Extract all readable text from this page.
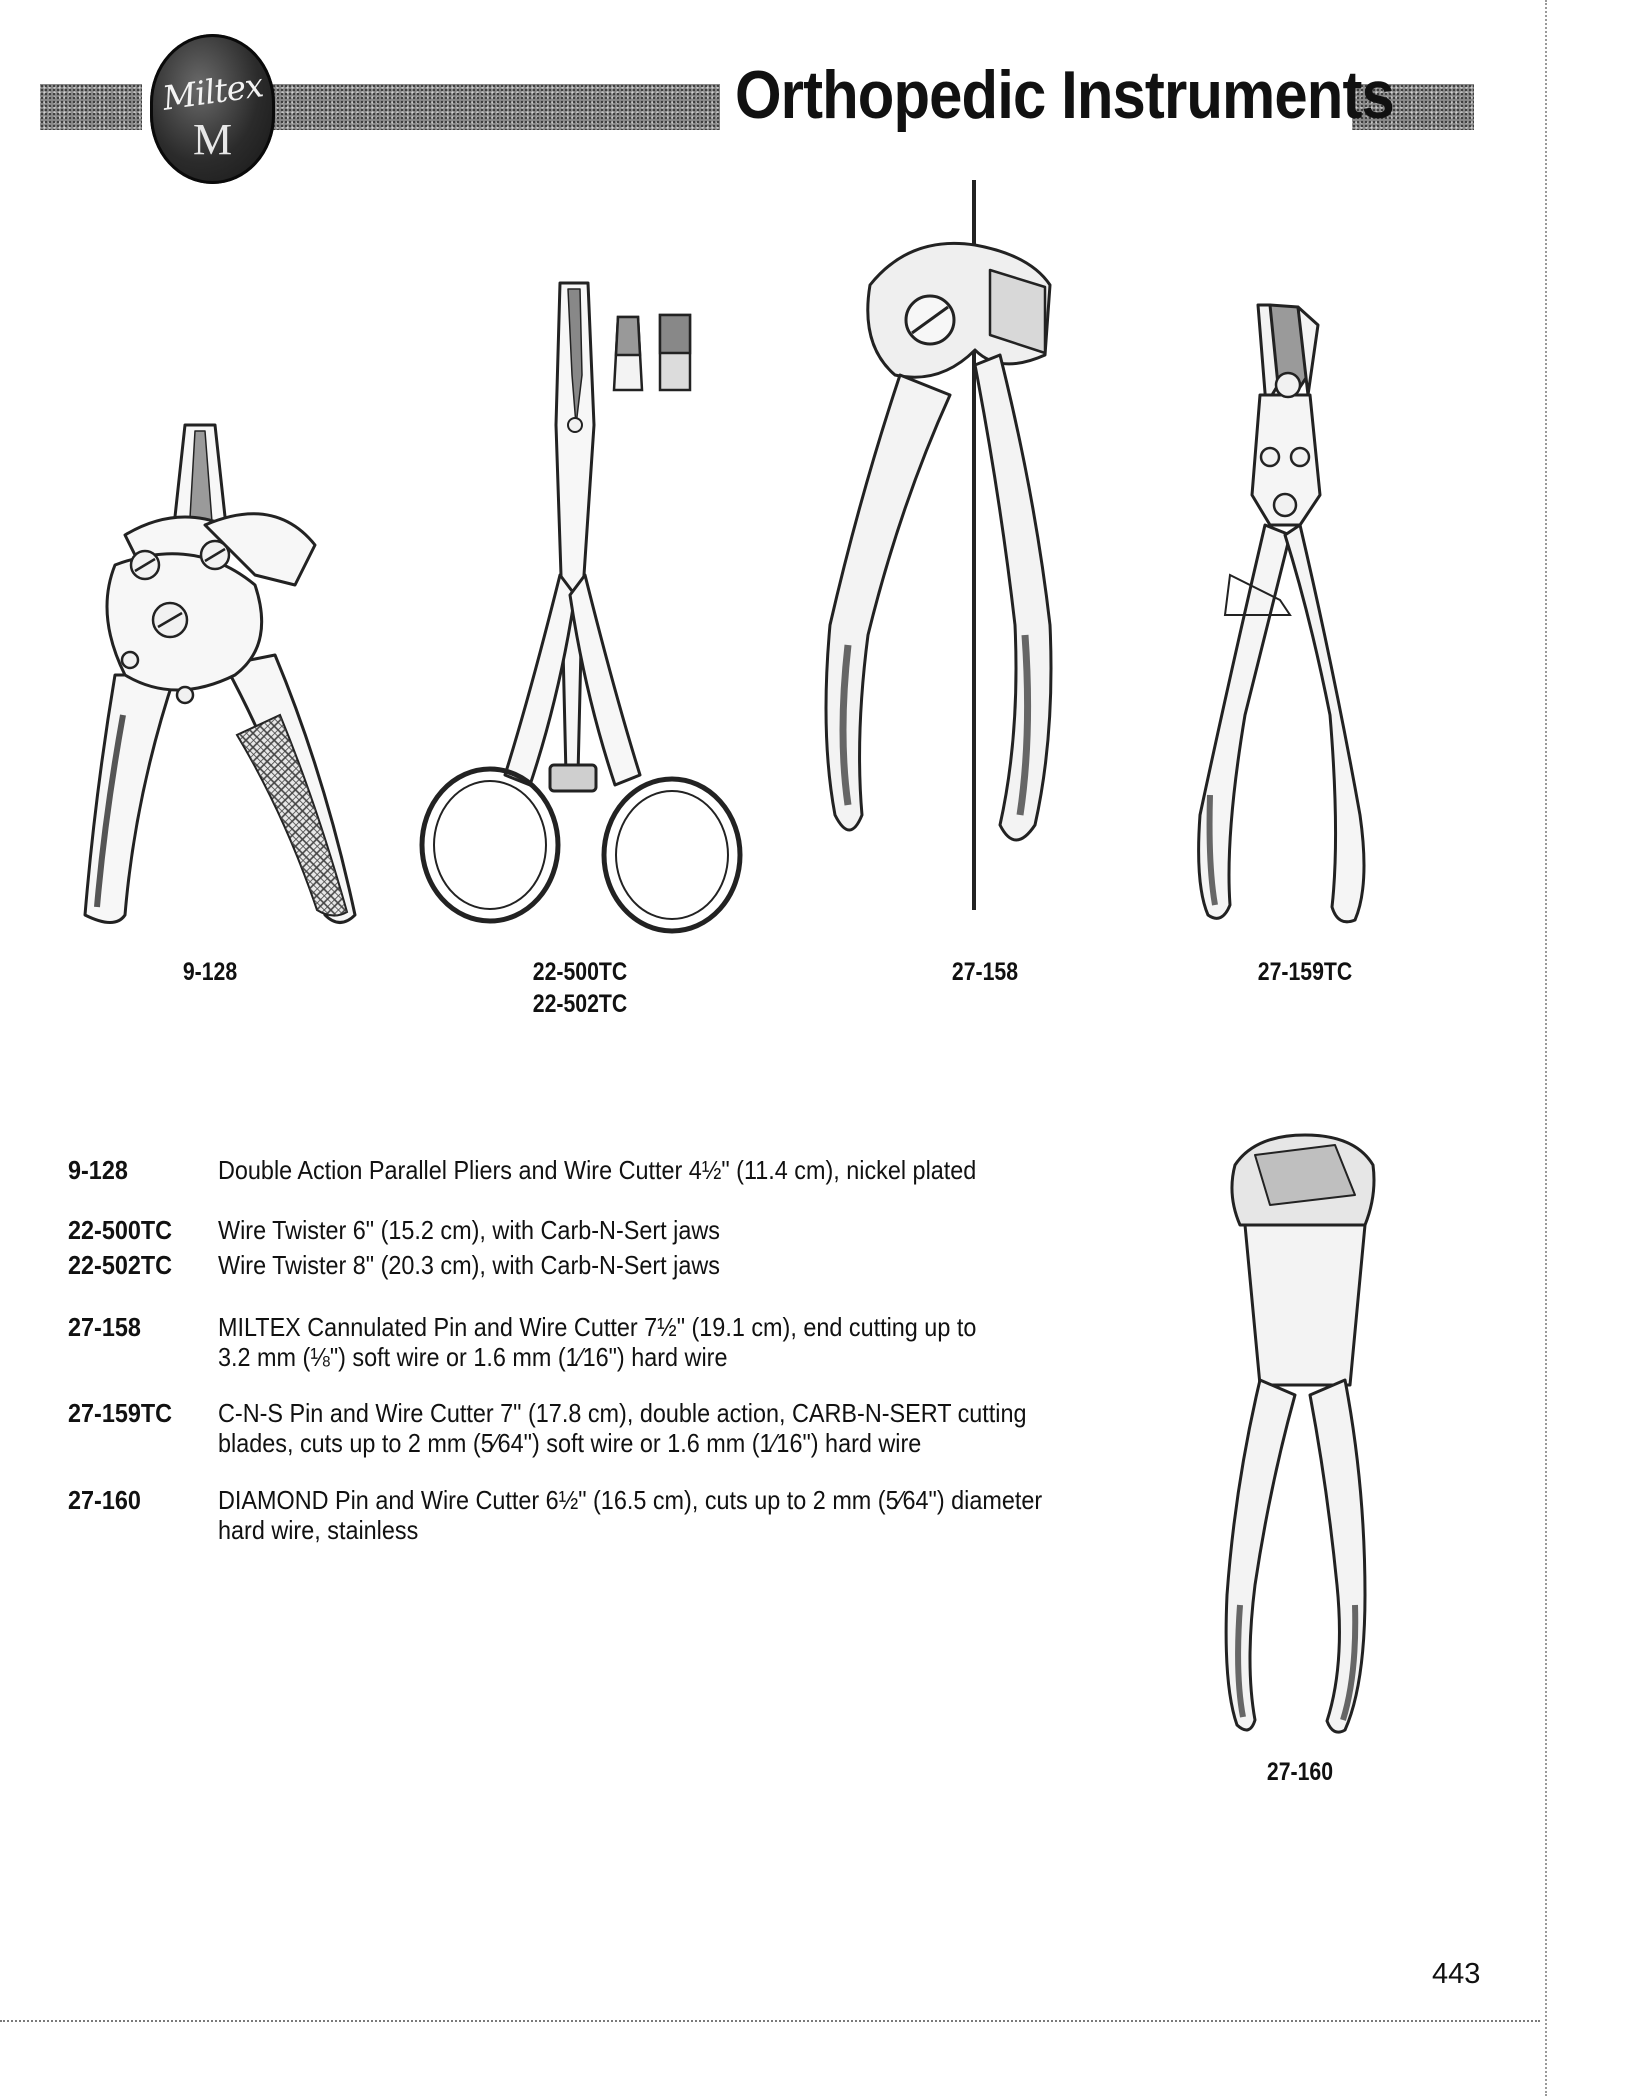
Miltex
M
Orthopedic Instruments
9-128	22-500TC
22-502TC
27-158	27-159TC
27-160
9-128	Double Action Parallel Pliers and Wire Cutter 4½" (11.4 cm), nickel plated
22-500TC Wire Twister 6" (15.2 cm), with Carb-N-Sert jaws
22-502TC Wire Twister 8" (20.3 cm), with Carb-N-Sert jaws
27-158	MILTEX Cannulated Pin and Wire Cutter 7½" (19.1 cm), end cutting up to
3.2 mm (⅛") soft wire or 1.6 mm (1⁄16") hard wire
27-159TC C-N-S Pin and Wire Cutter 7" (17.8 cm), double action, CARB-N-SERT cutting
blades, cuts up to 2 mm (5⁄64") soft wire or 1.6 mm (1⁄16") hard wire
27-160	DIAMOND Pin and Wire Cutter 6½" (16.5 cm), cuts up to 2 mm (5⁄64") diameter
hard wire, stainless
443
